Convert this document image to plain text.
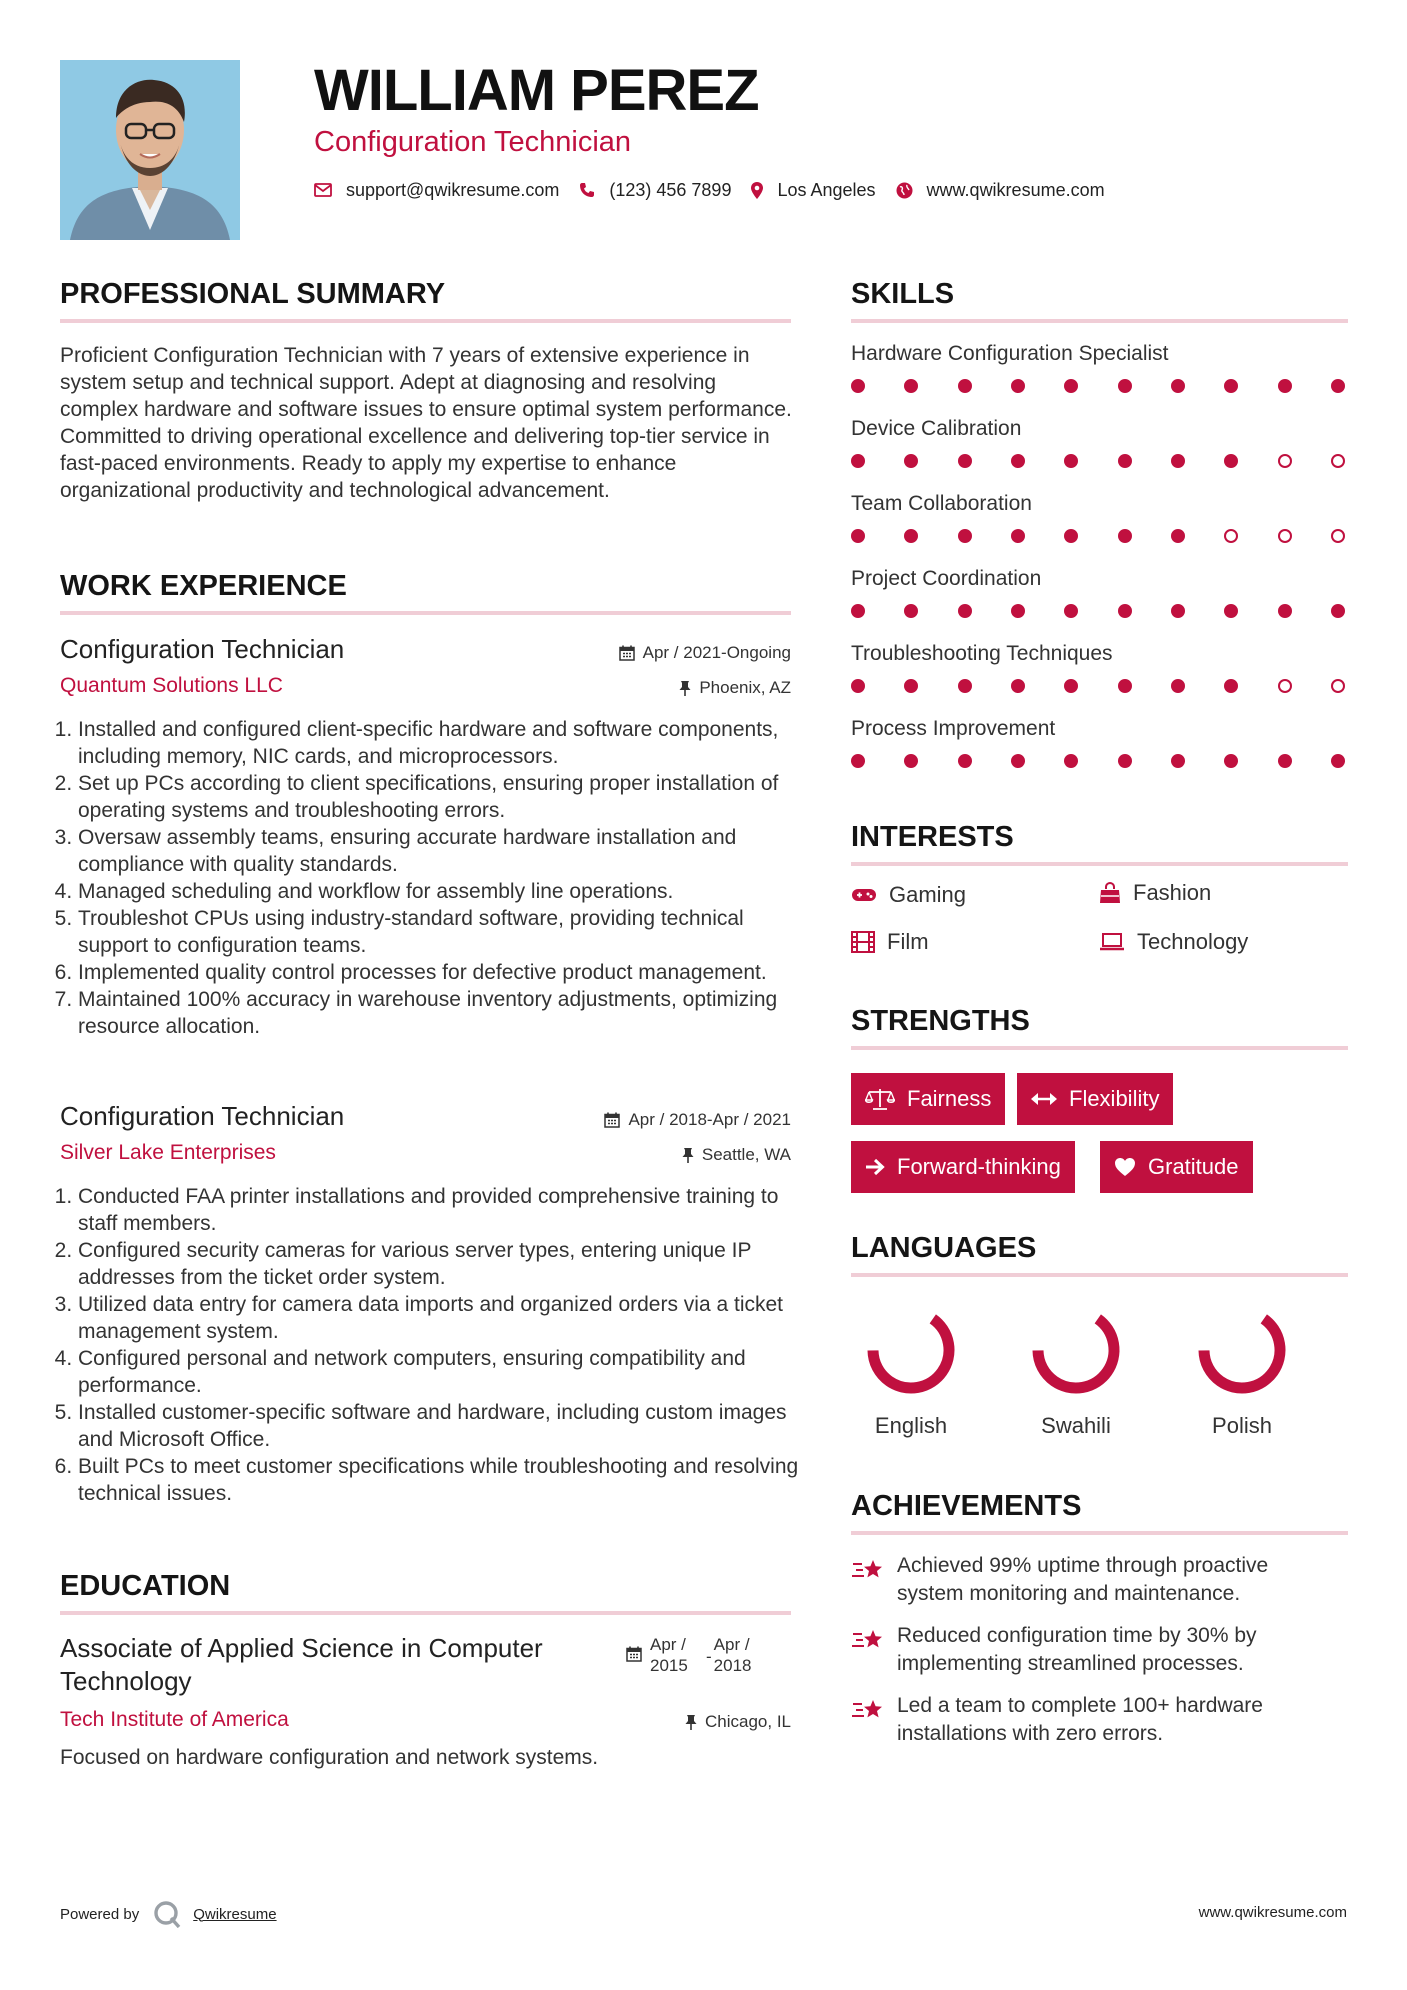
WILLIAM PEREZ
Configuration Technician
support@qwikresume.com	(123) 456 7899	Los Angeles	www.qwikresume.com
PROFESSIONAL SUMMARY
Proficient Configuration Technician with 7 years of extensive experience in system setup and technical support. Adept at diagnosing and resolving complex hardware and software issues to ensure optimal system performance. Committed to driving operational excellence and delivering top-tier service in fast-paced environments. Ready to apply my expertise to enhance organizational productivity and technological advancement.
WORK EXPERIENCE
Configuration Technician	Apr / 2021-Ongoing
Quantum Solutions LLC	Phoenix, AZ
1. Installed and configured client-specific hardware and software components, including memory, NIC cards, and microprocessors.
2. Set up PCs according to client specifications, ensuring proper installation of operating systems and troubleshooting errors.
3. Oversaw assembly teams, ensuring accurate hardware installation and compliance with quality standards.
4. Managed scheduling and workflow for assembly line operations.
5. Troubleshot CPUs using industry-standard software, providing technical support to configuration teams.
6. Implemented quality control processes for defective product management.
7. Maintained 100% accuracy in warehouse inventory adjustments, optimizing resource allocation.
Configuration Technician	Apr / 2018-Apr / 2021
Silver Lake Enterprises	Seattle, WA
1. Conducted FAA printer installations and provided comprehensive training to staff members.
2. Configured security cameras for various server types, entering unique IP addresses from the ticket order system.
3. Utilized data entry for camera data imports and organized orders via a ticket management system.
4. Configured personal and network computers, ensuring compatibility and performance.
5. Installed customer-specific software and hardware, including custom images and Microsoft Office.
6. Built PCs to meet customer specifications while troubleshooting and resolving technical issues.
EDUCATION
Associate of Applied Science in Computer Technology
Apr / 2015	-
Apr / 2018
Tech Institute of America	Chicago, IL
Focused on hardware configuration and network systems.
SKILLS
Hardware Configuration Specialist
Device Calibration
Team Collaboration
Project Coordination
Troubleshooting Techniques
Process Improvement
INTERESTS
Gaming	Fashion
Film	Technology
STRENGTHS
Fairness	Flexibility
Forward-thinking	Gratitude
LANGUAGES
English	Swahili	Polish
ACHIEVEMENTS
Achieved 99% uptime through proactive system monitoring and maintenance.
Reduced configuration time by 30% by implementing streamlined processes.
Led a team to complete 100+ hardware installations with zero errors.
Powered by	Qwikresume	www.qwikresume.com
